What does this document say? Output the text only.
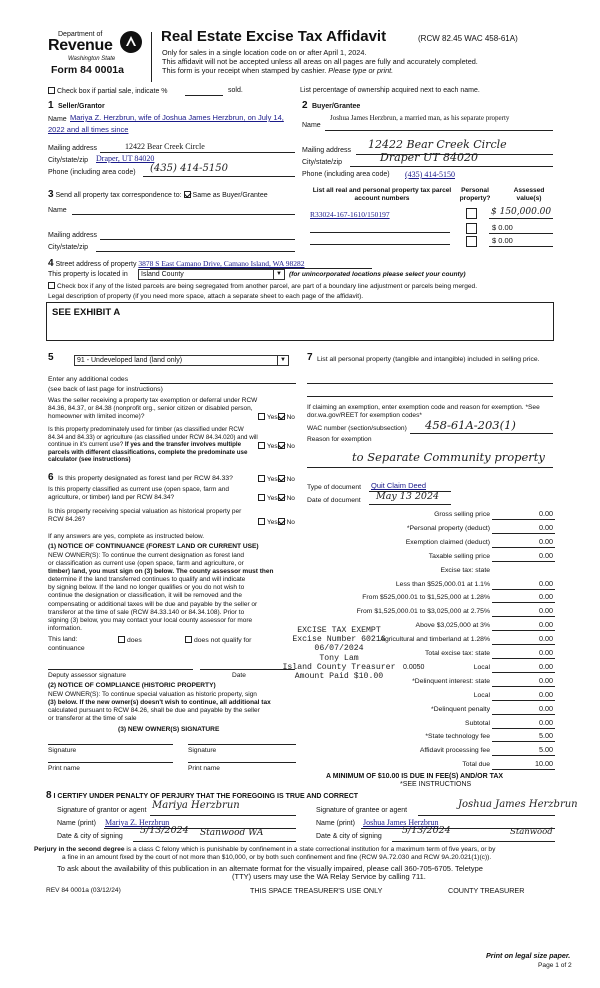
Department of
Revenue
Washington State
Form 84 0001a
Real Estate Excise Tax Affidavit	(RCW 82.45 WAC 458-61A)
Only for sales in a single location code on or after April 1, 2024.
This affidavit will not be accepted unless all areas on all pages are fully and accurately completed.
This form is your receipt when stamped by cashier. Please type or print.
Check box if partial sale, indicate %	sold.	List percentage of ownership acquired next to each name.
1 Seller/Grantor
Name Mariya Z. Herzbrun, wife of Joshua James Herzbrun, on July 14,
2022 and all times since
Mailing address	12422 Bear Creek Circle
City/state/zip Draper, UT 84020
Phone (including area code) (435) 414-5150
2 Buyer/Grantee
Name
Joshua James Herzbrun, a married man, as his separate property
Mailing address 12422 Bear Creek Circle
City/state/zip	Draper UT 84020
Phone (including area code) (435) 414-5150
3 Send all property tax correspondence to: Same as Buyer/Grantee
Name
Mailing address
City/state/zip
List all real and personal property tax parcel account numbers
Personal property?
Assessed value(s)
R33024-167-1610/150197	$ 150,000.00
$ 0.00
$ 0.00
4 Street address of property 3878 S East Camano Drive, Camano Island, WA 98282
This property is located in	Island County	▼	(for unincorporated locations please select your county)
Check box if any of the listed parcels are being segregated from another parcel, are part of a boundary line adjustment or parcels being merged.
Legal description of property (if you need more space, attach a separate sheet to each page of the affidavit).
SEE EXHIBIT A
5	91 - Undeveloped land (land only)	▼
Enter any additional codes
(see back of last page for instructions)
Was the seller receiving a property tax exemption or deferral under RCW 84.36, 84.37, or 84.38 (nonprofit org., senior citizen or disabled person, homeowner with limited income)?	Yes No
Is this property predominately used for timber (as classified under RCW 84.34 and 84.33) or agriculture (as classified under RCW 84.34.020) and will continue in it's current use? If yes and the transfer involves multiple parcels with different classifications, complete the predominate use calculator (see instructions)
Yes No
6 Is this property designated as forest land per RCW 84.33?	Yes No
Is this property classified as current use (open space, farm and agriculture, or timber) land per RCW 84.34?	Yes No
Is this property receiving special valuation as historical property per RCW 84.26?	Yes No
If any answers are yes, complete as instructed below.
(1) NOTICE OF CONTINUANCE (FOREST LAND OR CURRENT USE)
NEW OWNER(S): To continue the current designation as forest land
or classification as current use (open space, farm and agriculture, or
timber) land, you must sign on (3) below. The county assessor must then
determine if the land transferred continues to qualify and will indicate
by signing below. If the land no longer qualifies or you do not wish to
continue the designation or classification, it will be removed and the
compensating or additional taxes will be due and payable by the seller or
transferor at the time of sale (RCW 84.33.140 or 84.34.108). Prior to
signing (3) below, you may contact your local county assessor for more
information.
This land:
continuance
does	does not qualify for
Deputy assessor signature	Date
(2) NOTICE OF COMPLIANCE (HISTORIC PROPERTY)
NEW OWNER(S): To continue special valuation as historic property, sign
(3) below. If the new owner(s) doesn't wish to continue, all additional tax
calculated pursuant to RCW 84.26, shall be due and payable by the seller
or transferor at the time of sale
(3) NEW OWNER(S) SIGNATURE
Signature	Signature
Print name	Print name
EXCISE TAX EXEMPT
Excise Number 60216
06/07/2024
Tony Lam
Island County Treasurer
Amount Paid $10.00
7 List all personal property (tangible and intangible) included in selling price.
If claiming an exemption, enter exemption code and reason for exemption. *See dor.wa.gov/REET for exemption codes*
WAC number (section/subsection) 458-61A-203(1)
Reason for exemption
to Separate Community property
Type of document Quit Claim Deed
Date of document May 13 2024
Gross selling price	0.00
*Personal property (deduct)	0.00
Exemption claimed (deduct)	0.00
Taxable selling price	0.00
Excise tax: state
Less than $525,000.01 at 1.1%	0.00
From $525,000.01 to $1,525,000 at 1.28%	0.00
From $1,525,000.01 to $3,025,000 at 2.75%	0.00
Above $3,025,000 at 3%	0.00
Agricultural and timberland at 1.28%	0.00
Total excise tax: state	0.00
Local	0.00
*Delinquent interest: state	0.00
Local	0.00
*Delinquent penalty	0.00
Subtotal	0.00
*State technology fee	5.00
Affidavit processing fee	5.00
Total due	10.00
0.0050
A MINIMUM OF $10.00 IS DUE IN FEE(S) AND/OR TAX
*SEE INSTRUCTIONS
8 I CERTIFY UNDER PENALTY OF PERJURY THAT THE FOREGOING IS TRUE AND CORRECT
Signature of grantor or agent Mariya Herzbrun
Name (print) Mariya Z. Herzbrun
Date & city of signing
5/13/2024 Stanwood WA
Signature of grantee or agent
Joshua James Herzbrun
Name (print) Joshua James Herzbrun
Date & city of signing
5/13/2024	Stanwood
Perjury in the second degree is a class C felony which is punishable by confinement in a state correctional institution for a maximum term of five years, or by
a fine in an amount fixed by the court of not more than $10,000, or by both such confinement and fine (RCW 9A.72.030 and RCW 9A.20.021(1)(c)).
To ask about the availability of this publication in an alternate format for the visually impaired, please call 360-705-6705. Teletype
(TTY) users may use the WA Relay Service by calling 711.
REV 84 0001a (03/12/24)	THIS SPACE TREASURER'S USE ONLY	COUNTY TREASURER
Print on legal size paper.
Page 1 of 2
